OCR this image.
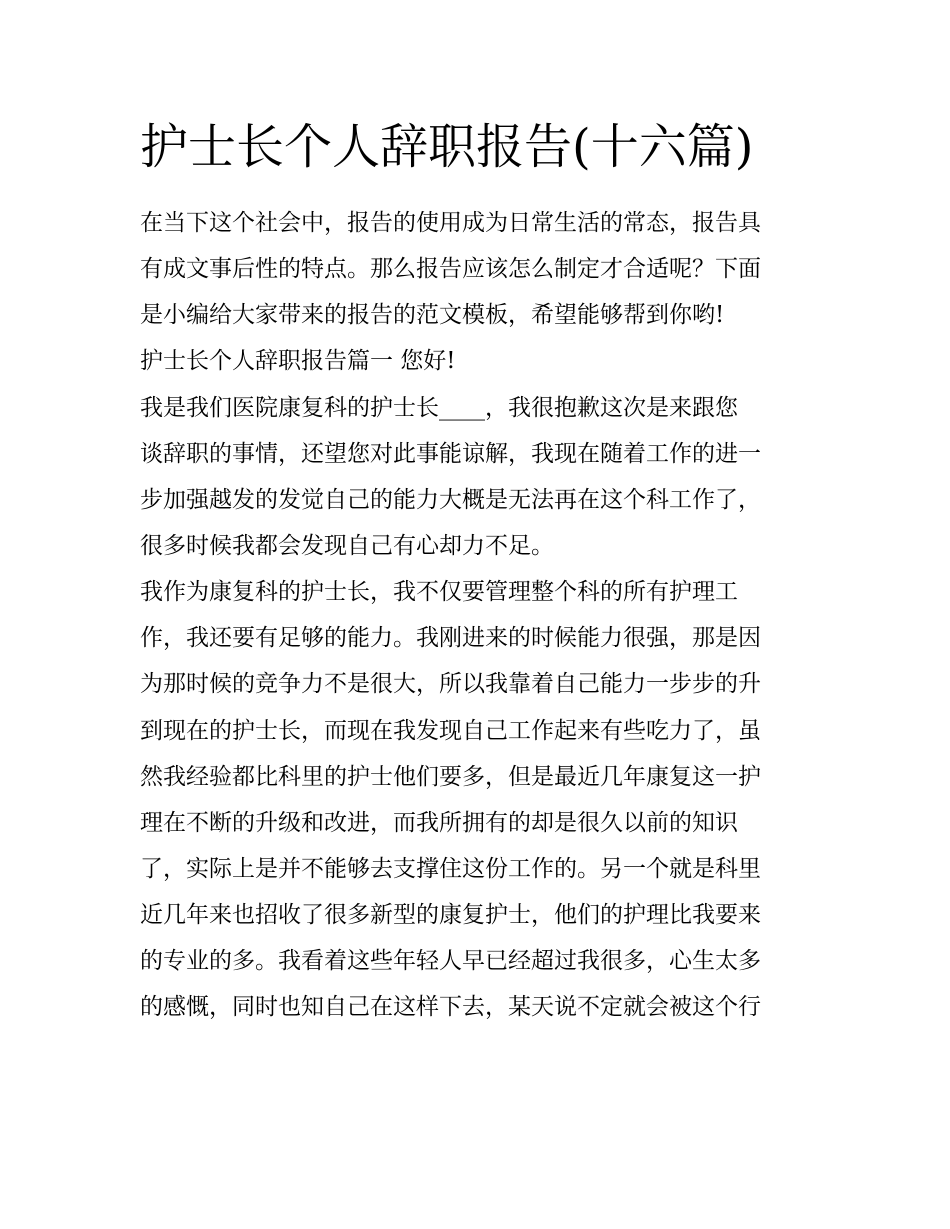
护士长个人辞职报告(十六篇)
在当下这个社会中，报告的使用成为日常生活的常态，报告具
有成文事后性的特点。那么报告应该怎么制定才合适呢？下面
是小编给大家带来的报告的范文模板，希望能够帮到你哟!
护士长个人辞职报告篇一 您好!
我是我们医院康复科的护士长____，我很抱歉这次是来跟您
谈辞职的事情，还望您对此事能谅解，我现在随着工作的进一
步加强越发的发觉自己的能力大概是无法再在这个科工作了，
很多时候我都会发现自己有心却力不足。
我作为康复科的护士长，我不仅要管理整个科的所有护理工
作，我还要有足够的能力。我刚进来的时候能力很强，那是因
为那时候的竞争力不是很大，所以我靠着自己能力一步步的升
到现在的护士长，而现在我发现自己工作起来有些吃力了，虽
然我经验都比科里的护士他们要多，但是最近几年康复这一护
理在不断的升级和改进，而我所拥有的却是很久以前的知识
了，实际上是并不能够去支撑住这份工作的。另一个就是科里
近几年来也招收了很多新型的康复护士，他们的护理比我要来
的专业的多。我看着这些年轻人早已经超过我很多，心生太多
的感慨，同时也知自己在这样下去，某天说不定就会被这个行
